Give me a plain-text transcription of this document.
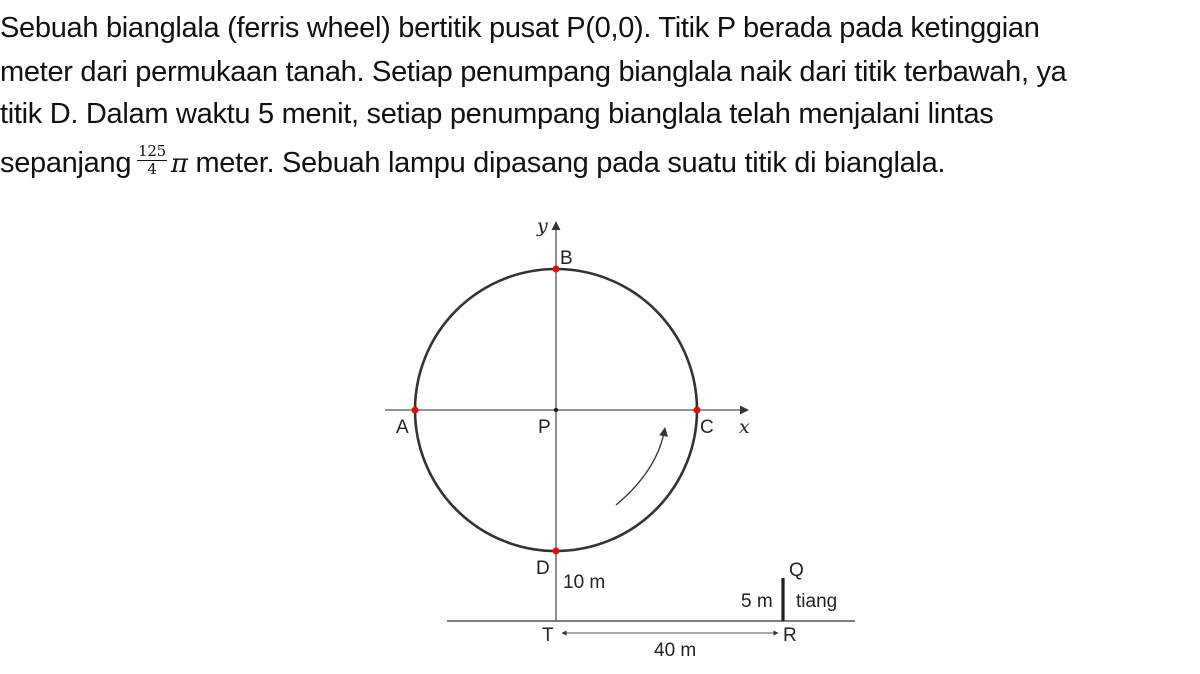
Sebuah bianglala (ferris wheel) bertitik pusat P(0,0). Titik P berada pada ketinggian
meter dari permukaan tanah. Setiap penumpang bianglala naik dari titik terbawah, ya
titik D. Dalam waktu 5 menit, setiap penumpang bianglala telah menjalani lintas
sepanjang $\frac{125}{4}$ π meter. Sebuah lampu dipasang pada suatu titik di bianglala.
y
x
B
A	P	C
D	Q
T	R
10 m
5 m tiang
40 m
